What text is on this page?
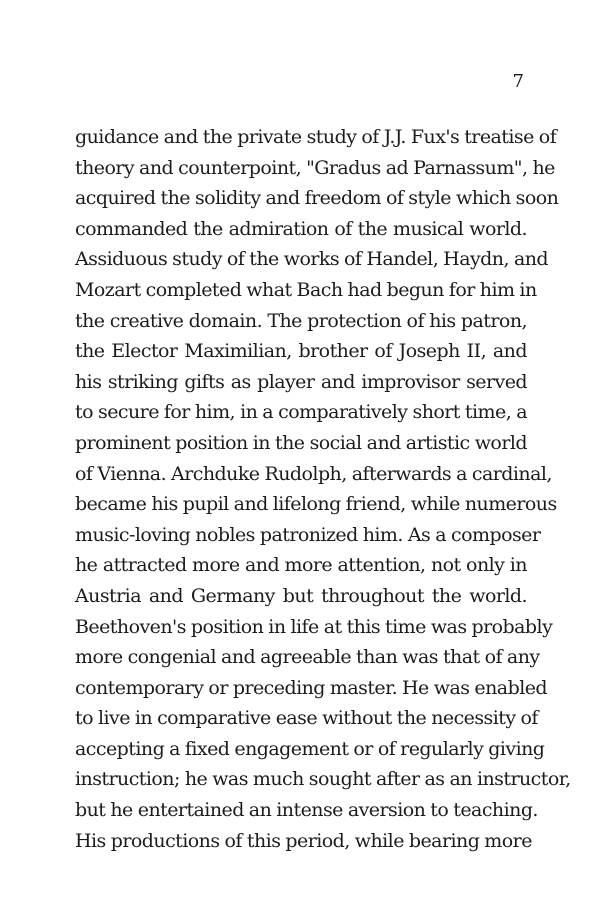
7
guidance and the private study of J.J. Fux's treatise of
theory and counterpoint, "Gradus ad Parnassum", he
acquired the solidity and freedom of style which soon
commanded the admiration of the musical world.
Assiduous study of the works of Handel, Haydn, and
Mozart completed what Bach had begun for him in
the creative domain. The protection of his patron,
the Elector Maximilian, brother of Joseph II, and
his striking gifts as player and improvisor served
to secure for him, in a comparatively short time, a
prominent position in the social and artistic world
of Vienna. Archduke Rudolph, afterwards a cardinal,
became his pupil and lifelong friend, while numerous
music-loving nobles patronized him. As a composer
he attracted more and more attention, not only in
Austria and Germany but throughout the world.
Beethoven's position in life at this time was probably
more congenial and agreeable than was that of any
contemporary or preceding master. He was enabled
to live in comparative ease without the necessity of
accepting a fixed engagement or of regularly giving
instruction; he was much sought after as an instructor,
but he entertained an intense aversion to teaching.
His productions of this period, while bearing more
